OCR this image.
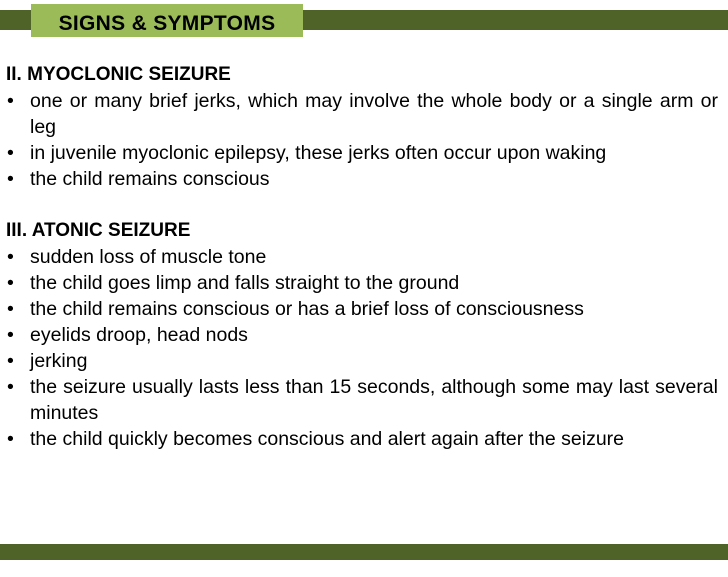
SIGNS & SYMPTOMS

II. MYOCLONIC SEIZURE

• one or many brief jerks, which may involve the whole body or a single arm or leg
• in juvenile myoclonic epilepsy, these jerks often occur upon waking
• the child remains conscious

III. ATONIC SEIZURE

• sudden loss of muscle tone
• the child goes limp and falls straight to the ground
• the child remains conscious or has a brief loss of consciousness
• eyelids droop, head nods
• jerking
• the seizure usually lasts less than 15 seconds, although some may last several minutes
• the child quickly becomes conscious and alert again after the seizure
